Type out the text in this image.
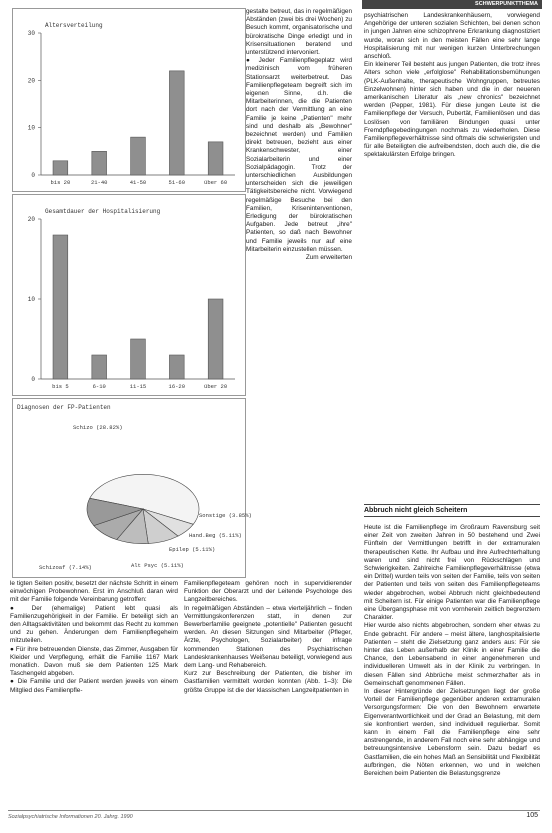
SCHWERPUNKTTHEMA
Altersverteilung
30
20
10
0
bis 20	21-40	41-50	51-60	über 60
Gesamtdauer der Hospitalisierung
20
10
0
bis 5	6-10	11-15	16-20	über 20
Diagnosen der FP-Patienten
Schizo (28.82%)
Sonstige (3.85%)
Hand.Beg (5.11%)
Epilep (5.11%)
Alt Psyc (5.11%)
Schizoaf (7.14%)

le tigten Seiten positiv, besetzt der nächste Schritt in einem einwöchigen Probewohnen. Erst im Anschluß daran wird mit der Familie folgende Vereinbarung getroffen:

● Der (ehemalige) Patient lebt quasi als Familienzugehörigkeit in der Familie. Er beteiligt sich an den Alltagsaktivitäten und bekommt das Recht zu kommen und zu gehen. Änderungen dem Familienpflegeheim mitzuteilen.

● Für ihre betreuenden Dienste, das Zimmer, Ausgaben für Kleider und Verpflegung, erhält die Familie 1167 Mark monatlich. Davon muß sie dem Patienten 125 Mark Taschengeld abgeben.

● Die Familie und der Patient werden jeweils von einem Mitglied des Familienpfle-

gestalte betreut, das in regelmäßigen Abständen (zwei bis drei Wochen) zu Besuch kommt, organisatorische und bürokratische Dinge erledigt und in Krisensituationen beratend und unterstützend intervoniert.

● Jeder Familienpflegeplatz wird medizinisch vom früheren Stationsarzt weiterbetreut. Das Familienpflegeteam begreift sich im eigenen Sinne, d.h. die Mitarbeiterinnen, die die Patienten dort nach der Vermittlung an eine Familie je keine „Patienten" mehr sind und deshalb als „Bewohner" bezeichnet werden) und Familien direkt betreuen, bezieht aus einer Krankenschwester, einer Sozialarbeiterin und einer Sozialpädagogin. Trotz der unterschiedlichen Ausbildungen unterscheiden sich die jeweiligen Tätigkeitsbereiche nicht. Vorwiegend regelmäßige Besuche bei den Familien, Kriseninterventionen, Erledigung der bürokratischen Aufgaben. Jede betreut „ihre" Patienten, so daß nach Bewohner und Familie jeweils nur auf eine Mitarbeiterin einzustellen müssen.

Zum erweiterten

Familienpflegeteam gehören noch in supervidierender Funktion der Oberarzt und der Leitende Psychologe des Langzeitbereiches.

In regelmäßigen Abständen – etwa vierteljährlich – finden Vermittlungskonferenzen statt, in denen zur Bewerberfamilie geeignete „potentielle" Patienten gesucht werden. An diesen Sitzungen sind Mitarbeiter (Pfleger, Ärzte, Psychologen, Sozialarbeiter) der infrage kommenden Stationen des Psychiatrischen Landeskrankenhauses Weißenau beteiligt, vorwiegend aus dem Lang- und Rehabereich.

Kurz zur Beschreibung der Patienten, die bisher im Gastfamilien vermittelt worden konnten (Abb. 1–3): Die größte Gruppe ist die der klassischen Langzeitpatienten in

psychiatrischen Landeskrankenhäusern, vorwiegend Angehörige der unteren sozialen Schichten, bei denen schon in jungen Jahren eine schizophrene Erkrankung diagnostiziert wurde, woran sich in den meisten Fällen eine sehr lange Hospitalisierung mit nur wenigen kurzen Unterbrechungen anschloß.

Ein kleinerer Teil besteht aus jungen Patienten, die trotz ihres Alters schon viele „erfolglose" Rehabilitationsbemühungen (PLK-Außenhalte, therapeutische Wohngruppen, betreutes Einzelwohnen) hinter sich haben und die in der neueren amerikanischen Literatur als „new chronics" bezeichnet werden (Pepper, 1981). Für diese jungen Leute ist die Familienpflege der Versuch, Pubertät, Familienlösen und das Loslösen von familiären Bindungen quasi unter Fremdpflegebedingungen nochmals zu wiederholen. Diese Familienpflegeverhältnisse sind oftmals die schwierigsten und für alle Beteiligten die aufreibendsten, doch auch die, die die spektakulärsten Erfolge bringen.

Abbruch nicht gleich Scheitern

Heute ist die Familienpflege im Großraum Ravensburg seit einer Zeit von zweiten Jahren in 50 bestehend und Zwei Fünfteln der Vermittlungen betrifft in der extramuralen therapeutischen Kette. Ihr Aufbau und ihre Aufrechterhaltung waren und sind nicht frei von Rückschlägen und Schwierigkeiten. Zahlreiche Familienpflegeverhältnisse (etwa ein Drittel) wurden teils von seiten der Familie, teils von seiten der Patienten und teils von seiten des Familienpflegeteams wieder abgebrochen, wobei Abbruch nicht gleichbedeutend mit Scheitern ist. Für einige Patienten war die Familienpflege eine Übergangsphase mit von vornherein zeitlich begrenztem Charakter.

Hier wurde also nichts abgebrochen, sondern eher etwas zu Ende gebracht. Für andere – meist ältere, langhospitalisierte Patienten – steht die Zielsetzung ganz anders aus: Für sie hinter das Leben außerhalb der Klinik in einer Familie die Chance, den Lebensabend in einer angenehmeren und individuelleren Umwelt als in der Klinik zu verbringen. In diesen Fällen sind Abbrüche meist schmerzhafter als in Gemeinschaft genommenen Fällen.

In dieser Hintergründe der Zielsetzungen liegt der große Vorteil der Familienpflege gegenüber anderen extramuralen Versorgungsformen: Die von den Bewohnern erwartete Eigenverantwortlichkeit und der Grad an Belastung, mit dem sie konfrontiert werden, sind individuell regulierbar. Somit kann in einem Fall die Familienpflege eine sehr anstrengende, in anderem Fall noch eine sehr abhängige und betreuungsintensive Lebensform sein. Dazu bedarf es Gastfamilien, die ein hohes Maß an Sensibilität und Flexibilität aufbringen, die Nöten erkennen, wo und in welchen Bereichen beim Patienten die Belastungsgrenze

Sozialpsychiatrische Informationen 20. Jahrg. 1990	105
